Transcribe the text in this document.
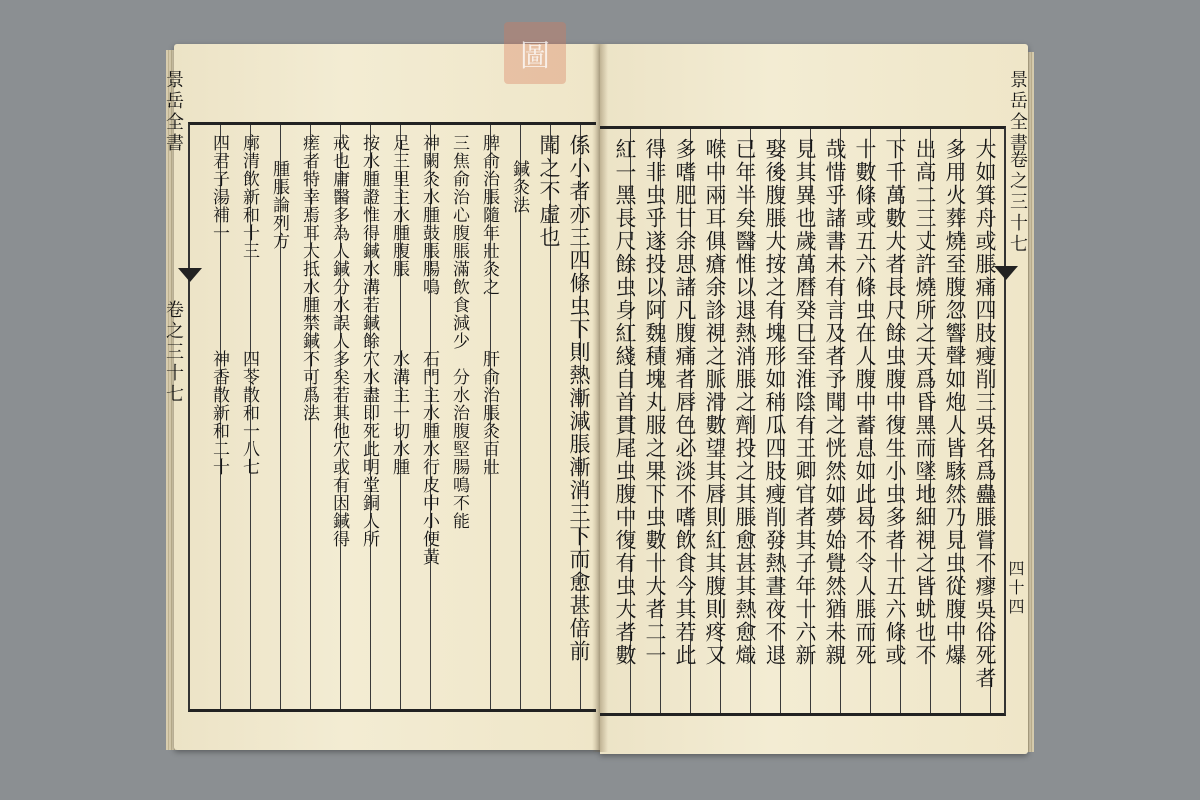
圖
景岳全書
卷之三十七	係小者亦三四條虫下則熱漸減脹漸消三下而愈甚倍前
聞之不虛也
鍼灸法
脾俞治脹隨年壯灸之　　　肝俞治脹灸百壯
三焦俞治心腹脹滿飲食減少　分水治腹堅腸鳴不能
神闕灸水腫鼓脹腸鳴　　　石門主水腫水行皮中小便黃
足三里主水腫腹脹　　　　水溝主一切水腫
按水腫證惟得鍼水溝若鍼餘穴水盡即死此明堂銅人所
戒也庸醫多為人鍼分水誤人多矣若其他穴或有因鍼得
瘥者特幸焉耳大抵水腫禁鍼不可爲法
腫脹論列方
廓清飲新和十三　　　　　四苓散和一八七
四君子湯補一　　　　　　神香散新和二十
景岳全書
卷之三十七
四十四
大如箕舟或脹痛四肢瘦削三吳名爲蠱脹嘗不瘳吳俗死者
多用火葬燒至腹忽響聲如炮人皆駭然乃見虫從腹中爆
出高二三丈許燒所之天爲昏黑而墜地細視之皆蚘也不
下千萬數大者長尺餘虫腹中復生小虫多者十五六條或
十數條或五六條虫在人腹中蓄息如此曷不令人脹而死
哉惜乎諸書未有言及者予聞之恍然如夢始覺然猶未親
見其異也歲萬曆癸巳至淮陰有王卿官者其子年十六新
娶後腹脹大按之有塊形如稍瓜四肢瘦削發熱晝夜不退
已年半矣醫惟以退熱消脹之劑投之其脹愈甚其熱愈熾
喉中兩耳俱瘡余診視之脈滑數望其唇則紅其腹則疼又
多嗜肥甘余思諸凡腹痛者唇色必淡不嗜飲食今其若此
得非虫乎遂投以阿魏積塊丸服之果下虫數十大者二一
紅一黑長尺餘虫身紅綫自首貫尾虫腹中復有虫大者數
